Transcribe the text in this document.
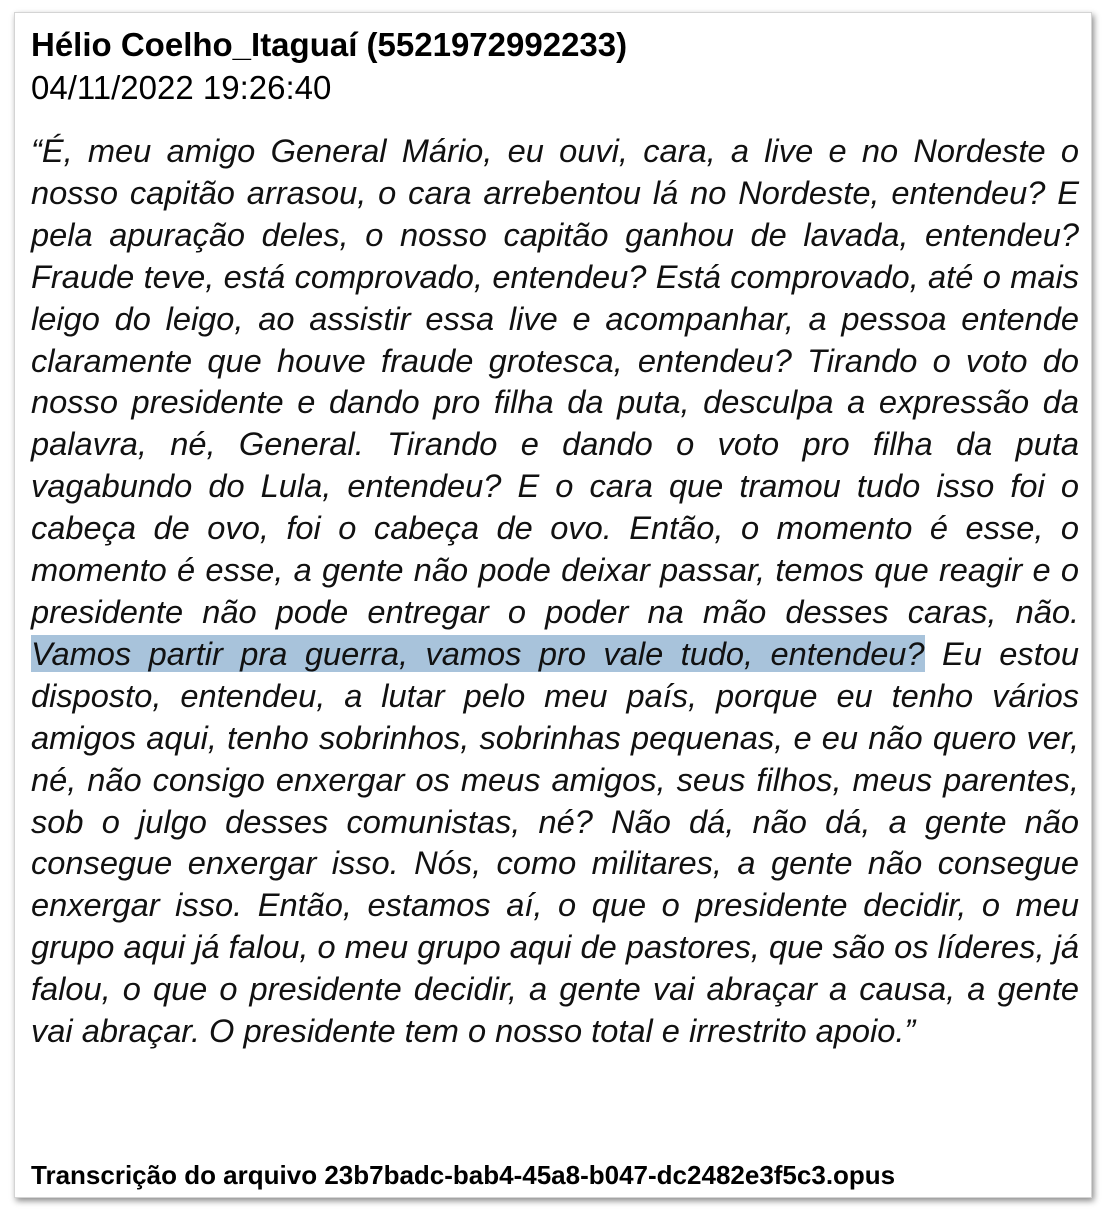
Hélio Coelho_Itaguaí (5521972992233)
04/11/2022 19:26:40

“É, meu amigo General Mário, eu ouvi, cara, a live e no Nordeste o nosso capitão arrasou, o cara arrebentou lá no Nordeste, entendeu? E pela apuração deles, o nosso capitão ganhou de lavada, entendeu? Fraude teve, está comprovado, entendeu? Está comprovado, até o mais leigo do leigo, ao assistir essa live e acompanhar, a pessoa entende claramente que houve fraude grotesca, entendeu? Tirando o voto do nosso presidente e dando pro filha da puta, desculpa a expressão da palavra, né, General. Tirando e dando o voto pro filha da puta vagabundo do Lula, entendeu? E o cara que tramou tudo isso foi o cabeça de ovo, foi o cabeça de ovo. Então, o momento é esse, o momento é esse, a gente não pode deixar passar, temos que reagir e o presidente não pode entregar o poder na mão desses caras, não. Vamos partir pra guerra, vamos pro vale tudo, entendeu? Eu estou disposto, entendeu, a lutar pelo meu país, porque eu tenho vários amigos aqui, tenho sobrinhos, sobrinhas pequenas, e eu não quero ver, né, não consigo enxergar os meus amigos, seus filhos, meus parentes, sob o julgo desses comunistas, né? Não dá, não dá, a gente não consegue enxergar isso. Nós, como militares, a gente não consegue enxergar isso. Então, estamos aí, o que o presidente decidir, o meu grupo aqui já falou, o meu grupo aqui de pastores, que são os líderes, já falou, o que o presidente decidir, a gente vai abraçar a causa, a gente vai abraçar. O presidente tem o nosso total e irrestrito apoio.”

Transcrição do arquivo 23b7badc-bab4-45a8-b047-dc2482e3f5c3.opus
